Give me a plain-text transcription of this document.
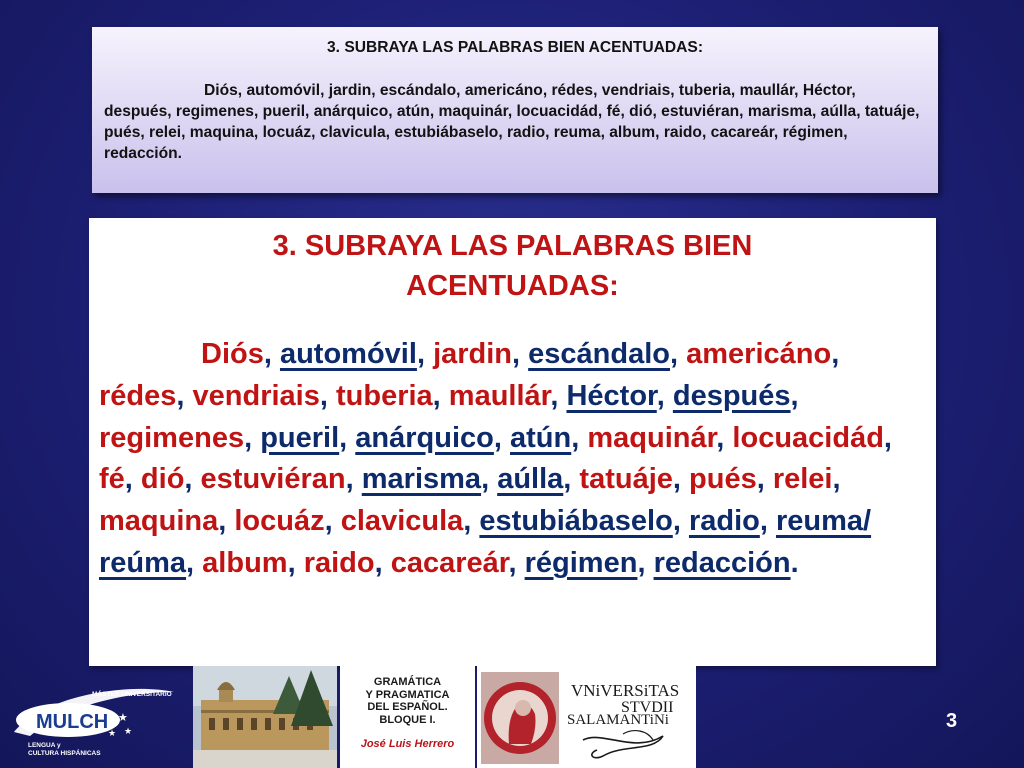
3. SUBRAYA LAS PALABRAS BIEN ACENTUADAS:
Diós, automóvil, jardin, escándalo, americáno, rédes, vendriais, tuberia, maullár, Héctor, después, regimenes, pueril, anárquico, atún, maquinár, locuacidád, fé, dió, estuviéran, marisma, aúlla, tatuáje, pués, relei, maquina, locuáz, clavicula, estubiábaselo, radio, reuma, album, raido, cacareár, régimen, redacción.
3. SUBRAYA LAS PALABRAS BIEN ACENTUADAS:

Diós, automóvil, jardin, escándalo, americáno, rédes, vendriais, tuberia, maullár, Héctor, después, regimenes, pueril, anárquico, atún, maquinár, locuacidád, fé, dió, estuviéran, marisma, aúlla, tatuáje, pués, relei, maquina, locuáz, clavicula, estubiábaselo, radio, reuma/ reúma, album, raido, cacareár, régimen, redacción.

MÁSTER UNIVERSITARIO
MULCH ★
★ ★
LENGUA y
CULTURA HISPÁNICAS
GRAMÁTICA
Y PRAGMATICA
DEL ESPAÑOL.
BLOQUE I.
José Luis Herrero
VNiVERSiTAS
STVDII
SALAMANTiNi	3
